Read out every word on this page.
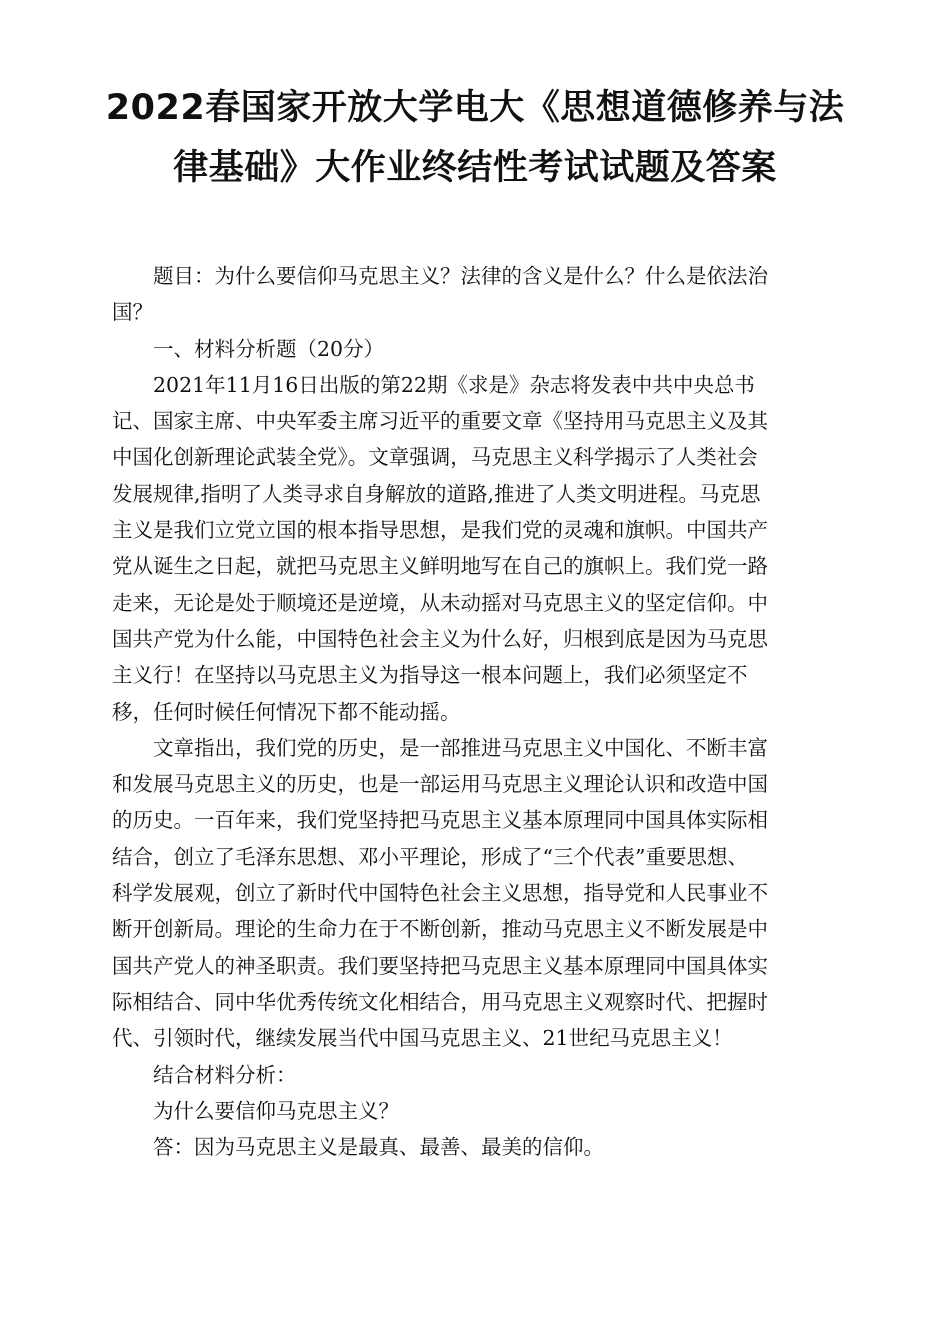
2022春国家开放大学电大《思想道德修养与法
律基础》大作业终结性考试试题及答案

题目：为什么要信仰马克思主义？法律的含义是什么？什么是依法治
国？

一、材料分析题（20分）

2021年11月16日出版的第22期《求是》杂志将发表中共中央总书
记、国家主席、中央军委主席习近平的重要文章《坚持用马克思主义及其
中国化创新理论武装全党》。文章强调，马克思主义科学揭示了人类社会
发展规律,指明了人类寻求自身解放的道路,推进了人类文明进程。马克思
主义是我们立党立国的根本指导思想，是我们党的灵魂和旗帜。中国共产
党从诞生之日起，就把马克思主义鲜明地写在自己的旗帜上。我们党一路
走来，无论是处于顺境还是逆境，从未动摇对马克思主义的坚定信仰。中
国共产党为什么能，中国特色社会主义为什么好，归根到底是因为马克思
主义行！在坚持以马克思主义为指导这一根本问题上，我们必须坚定不
移，任何时候任何情况下都不能动摇。

文章指出，我们党的历史，是一部推进马克思主义中国化、不断丰富
和发展马克思主义的历史，也是一部运用马克思主义理论认识和改造中国
的历史。一百年来，我们党坚持把马克思主义基本原理同中国具体实际相
结合，创立了毛泽东思想、邓小平理论，形成了“三个代表”重要思想、
科学发展观，创立了新时代中国特色社会主义思想，指导党和人民事业不
断开创新局。理论的生命力在于不断创新，推动马克思主义不断发展是中
国共产党人的神圣职责。我们要坚持把马克思主义基本原理同中国具体实
际相结合、同中华优秀传统文化相结合，用马克思主义观察时代、把握时
代、引领时代，继续发展当代中国马克思主义、21世纪马克思主义！

结合材料分析：

为什么要信仰马克思主义？

答：因为马克思主义是最真、最善、最美的信仰。
